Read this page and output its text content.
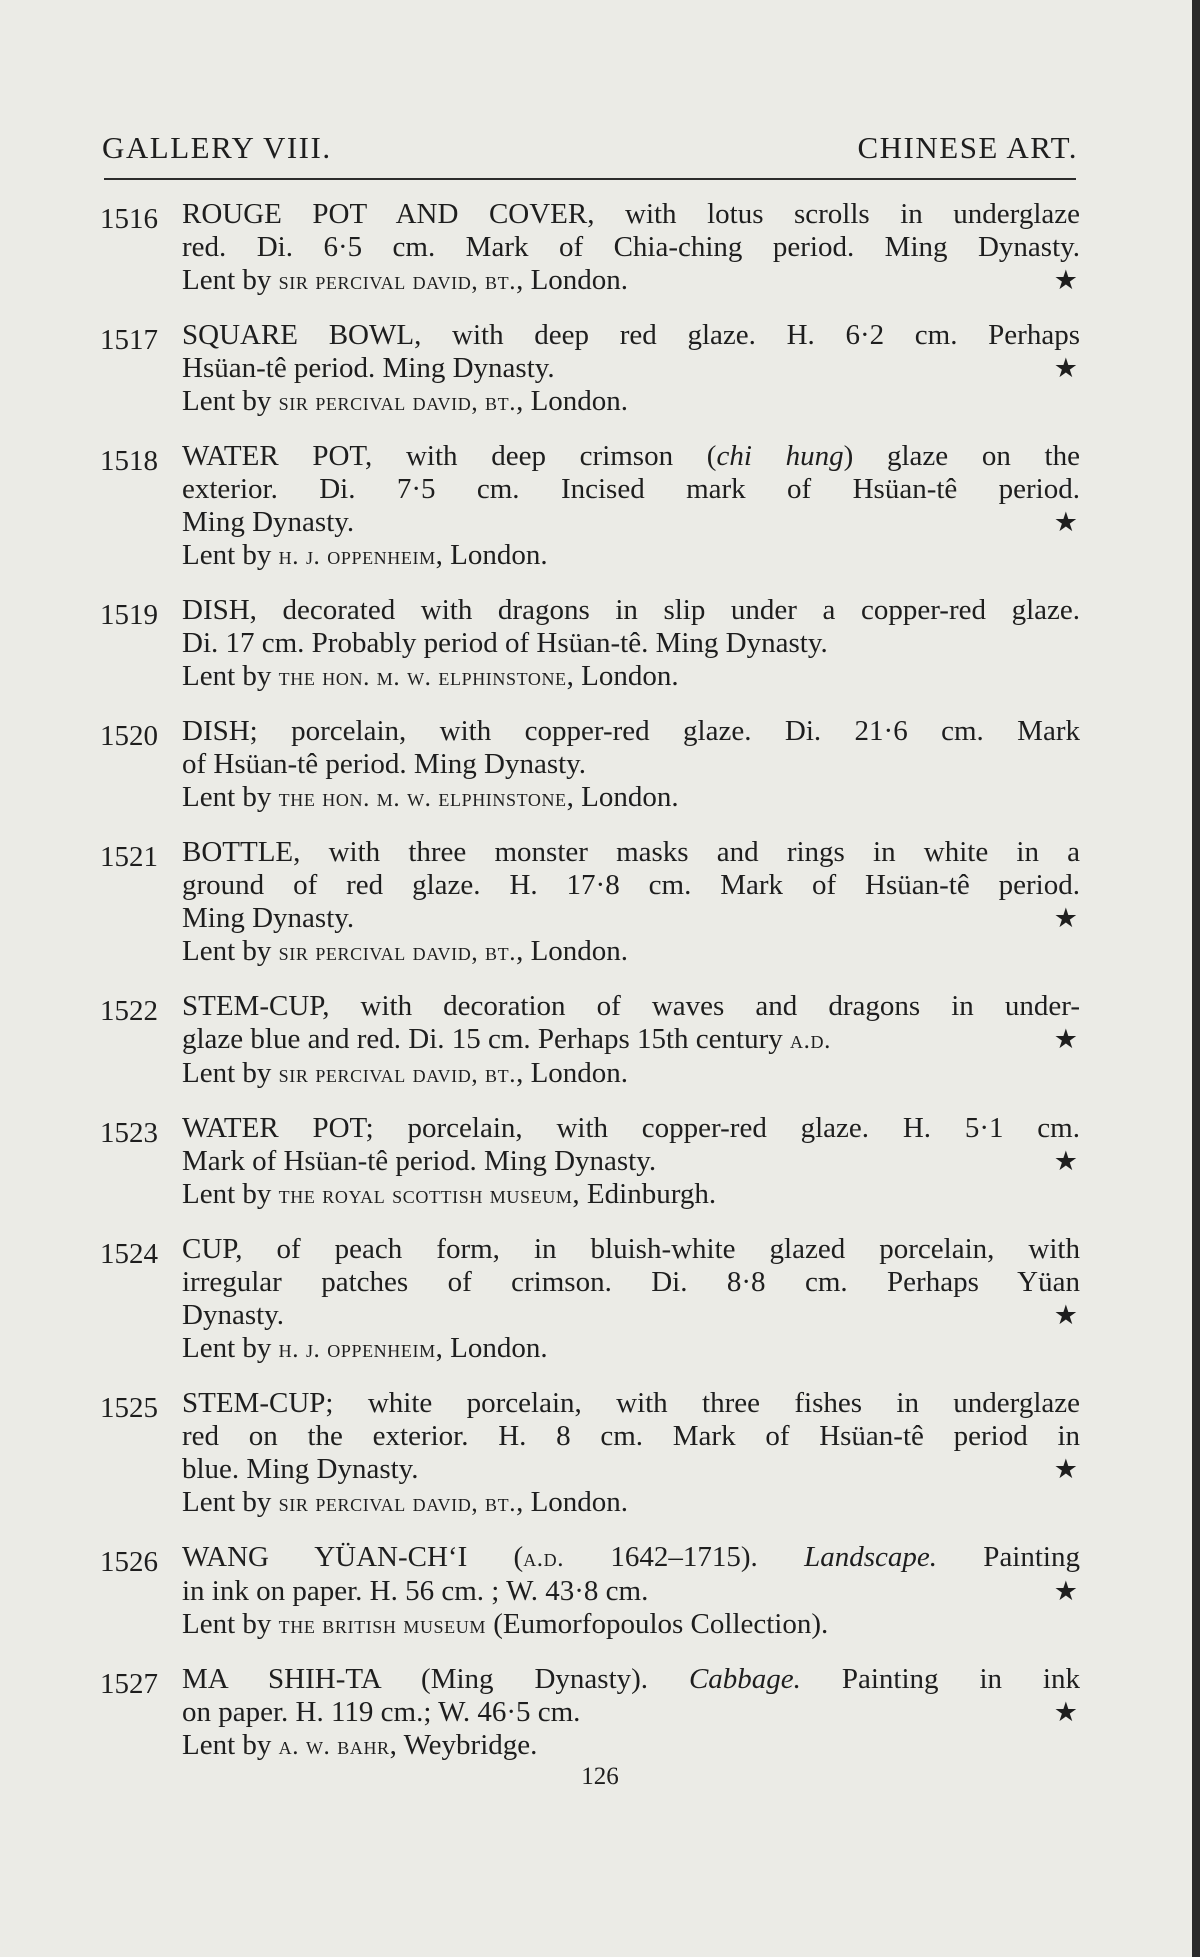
GALLERY VIII.	CHINESE ART.
1516 ROUGE POT AND COVER, with lotus scrolls in underglaze
red. Di. 6·5 cm. Mark of Chia-ching period. Ming Dynasty.
Lent by sir percival david, bt., London.	★
1517 SQUARE BOWL, with deep red glaze. H. 6·2 cm. Perhaps
Hsüan-tê period. Ming Dynasty.	★
Lent by sir percival david, bt., London.
1518 WATER POT, with deep crimson (chi hung) glaze on the
exterior. Di. 7·5 cm. Incised mark of Hsüan-tê period.
Ming Dynasty.	★
Lent by h. j. oppenheim, London.
1519 DISH, decorated with dragons in slip under a copper-red glaze.
Di. 17 cm. Probably period of Hsüan-tê. Ming Dynasty.
Lent by the hon. m. w. elphinstone, London.
1520 DISH; porcelain, with copper-red glaze. Di. 21·6 cm. Mark
of Hsüan-tê period. Ming Dynasty.
Lent by the hon. m. w. elphinstone, London.
1521 BOTTLE, with three monster masks and rings in white in a
ground of red glaze. H. 17·8 cm. Mark of Hsüan-tê period.
Ming Dynasty.	★
Lent by sir percival david, bt., London.
1522 STEM-CUP, with decoration of waves and dragons in under-
glaze blue and red. Di. 15 cm. Perhaps 15th century a.d.	★
Lent by sir percival david, bt., London.
1523 WATER POT; porcelain, with copper-red glaze. H. 5·1 cm.
Mark of Hsüan-tê period. Ming Dynasty.	★
Lent by the royal scottish museum, Edinburgh.
1524 CUP, of peach form, in bluish-white glazed porcelain, with
irregular patches of crimson. Di. 8·8 cm. Perhaps Yüan
Dynasty.	★
Lent by h. j. oppenheim, London.
1525 STEM-CUP; white porcelain, with three fishes in underglaze
red on the exterior. H. 8 cm. Mark of Hsüan-tê period in
blue. Ming Dynasty.	★
Lent by sir percival david, bt., London.
1526 WANG YÜAN-CH‘I (a.d. 1642–1715). Landscape. Painting
in ink on paper. H. 56 cm. ; W. 43·8 cm.	★
Lent by the british museum (Eumorfopoulos Collection).
1527 MA SHIH-TA (Ming Dynasty). Cabbage. Painting in ink
on paper. H. 119 cm.; W. 46·5 cm.	★
Lent by a. w. bahr, Weybridge.
126
